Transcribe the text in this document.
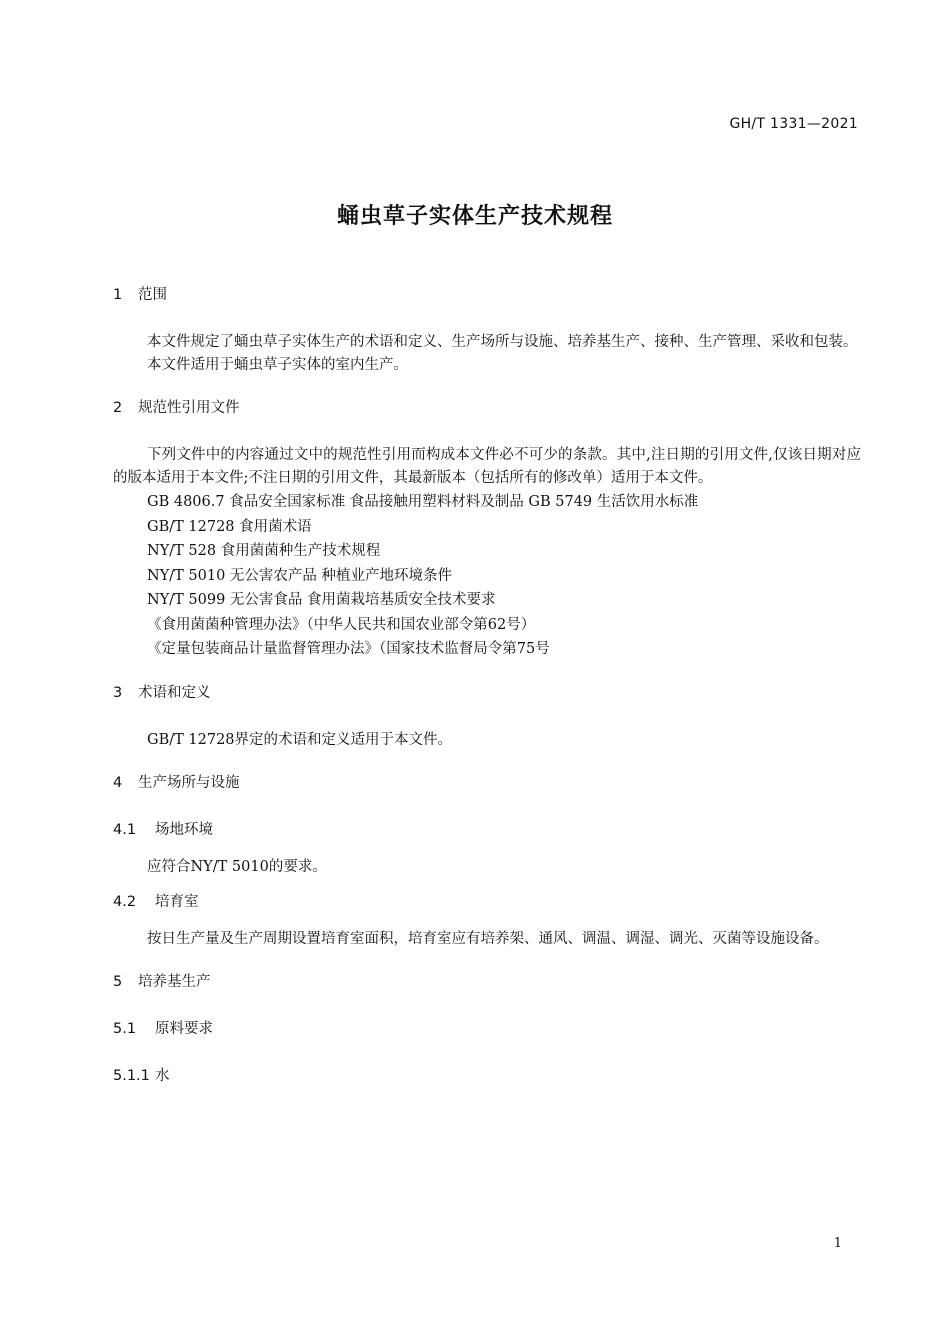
GH/T 1331—2021
蛹虫草子实体生产技术规程
1 范围

本文件规定了蛹虫草子实体生产的术语和定义、生产场所与设施、培养基生产、接种、生产管理、采收和包装。

本文件适用于蛹虫草子实体的室内生产。

2 规范性引用文件

下列文件中的内容通过文中的规范性引用而构成本文件必不可少的条款。其中,注日期的引用文件,仅该日期对应的版本适用于本文件;不注日期的引用文件，其最新版本（包括所有的修改单）适用于本文件。

GB 4806.7 食品安全国家标准 食品接触用塑料材料及制品 GB 5749 生活饮用水标准

GB/T 12728 食用菌术语

NY/T 528 食用菌菌种生产技术规程

NY/T 5010 无公害农产品 种植业产地环境条件

NY/T 5099 无公害食品 食用菌栽培基质安全技术要求

《食用菌菌种管理办法》（中华人民共和国农业部令第62号）

《定量包装商品计量监督管理办法》（国家技术监督局令第75号

3 术语和定义

GB/T 12728界定的术语和定义适用于本文件。

4 生产场所与设施
4.1 场地环境

应符合NY/T 5010的要求。

4.2 培育室

按日生产量及生产周期设置培育室面积，培育室应有培养架、通风、调温、调湿、调光、灭菌等设施设备。

5 培养基生产
5.1 原料要求
5.1.1 水
1
